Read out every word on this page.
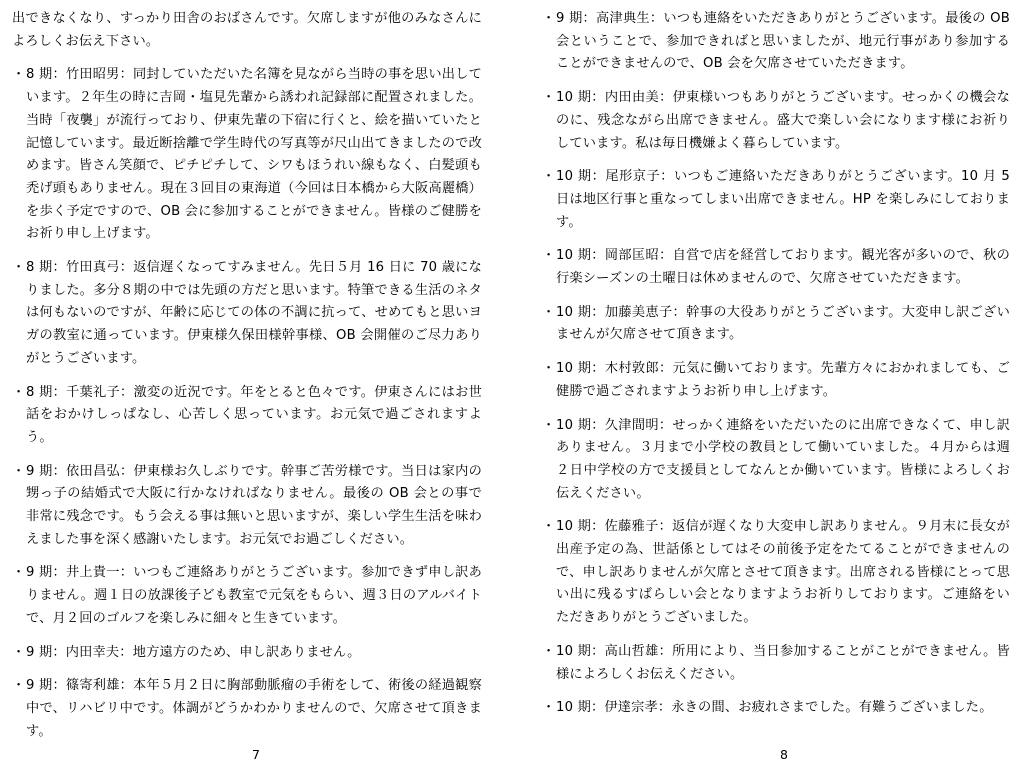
出できなくなり、すっかり田舎のおばさんです。欠席しますが他のみなさんによろしくお伝え下さい。

・ 8 期：竹田昭男：同封していただいた名簿を見ながら当時の事を思い出しています。２年生の時に吉岡・塩見先輩から誘われ記録部に配置されました。当時「夜襲」が流行っており、伊東先輩の下宿に行くと、絵を描いていたと記憶しています。最近断捨離で学生時代の写真等が尺山出てきましたので改めます。皆さん笑顔で、ピチピチして、シワもほうれい線もなく、白髪頭も禿げ頭もありません。現在３回目の東海道（今回は日本橋から大阪高麗橋）を歩く予定ですので、OB 会に参加することができません。皆様のご健勝をお祈り申し上げます。

・ 8 期：竹田真弓：返信遅くなってすみません。先日５月 16 日に 70 歳になりました。多分８期の中では先頭の方だと思います。特筆できる生活のネタは何もないのですが、年齢に応じての体の不調に抗って、せめてもと思いヨガの教室に通っています。伊東様久保田様幹事様、OB 会開催のご尽力ありがとうございます。

・ 8 期：千葉礼子：激変の近況です。年をとると色々です。伊東さんにはお世話をおかけしっぱなし、心苦しく思っています。お元気で過ごされますよう。

・ 9 期：依田昌弘：伊東様お久しぶりです。幹事ご苦労様です。当日は家内の甥っ子の結婚式で大阪に行かなければなりません。最後の OB 会との事で非常に残念です。もう会える事は無いと思いますが、楽しい学生生活を味わえました事を深く感謝いたします。お元気でお過ごしください。

・ 9 期：井上貴一：いつもご連絡ありがとうございます。参加できず申し訳ありません。週１日の放課後子ども教室で元気をもらい、週３日のアルバイトで、月２回のゴルフを楽しみに細々と生きています。

・ 9 期：内田幸夫：地方遠方のため、申し訳ありません。

・ 9 期：篠寄利雄：本年５月２日に胸部動脈瘤の手術をして、術後の経過観察中で、リハビリ中です。体調がどうかわかりませんので、欠席させて頂きます。

7

・ 9 期：高津典生：いつも連絡をいただきありがとうございます。最後の OB 会ということで、参加できればと思いましたが、地元行事があり参加することができませんので、OB 会を欠席させていただきます。

・ 10 期：内田由美：伊東様いつもありがとうございます。せっかくの機会なのに、残念ながら出席できません。盛大で楽しい会になります様にお祈りしています。私は毎日機嫌よく暮らしています。

・ 10 期：尾形京子：いつもご連絡いただきありがとうございます。10 月 5 日は地区行事と重なってしまい出席できません。HP を楽しみにしております。

・ 10 期：岡部匡昭：自営で店を経営しております。観光客が多いので、秋の行楽シーズンの土曜日は休めませんので、欠席させていただきます。

・ 10 期：加藤美恵子：幹事の大役ありがとうございます。大変申し訳ございませんが欠席させて頂きます。

・ 10 期：木村敦郎：元気に働いております。先輩方々におかれましても、ご健勝で過ごされますようお祈り申し上げます。

・ 10 期：久津間明：せっかく連絡をいただいたのに出席できなくて、申し訳ありません。３月まで小学校の教員として働いていました。４月からは週２日中学校の方で支援員としてなんとか働いています。皆様によろしくお伝えください。

・ 10 期：佐藤雅子：返信が遅くなり大変申し訳ありません。９月末に長女が出産予定の為、世話係としてはその前後予定をたてることができませんので、申し訳ありませんが欠席とさせて頂きます。出席される皆様にとって思い出に残るすばらしい会となりますようお祈りしております。ご連絡をいただきありがとうございました。

・ 10 期：高山哲雄：所用により、当日参加することがことができません。皆様によろしくお伝えください。

・ 10 期：伊達宗孝：永きの間、お疲れさまでした。有難うございました。

8
